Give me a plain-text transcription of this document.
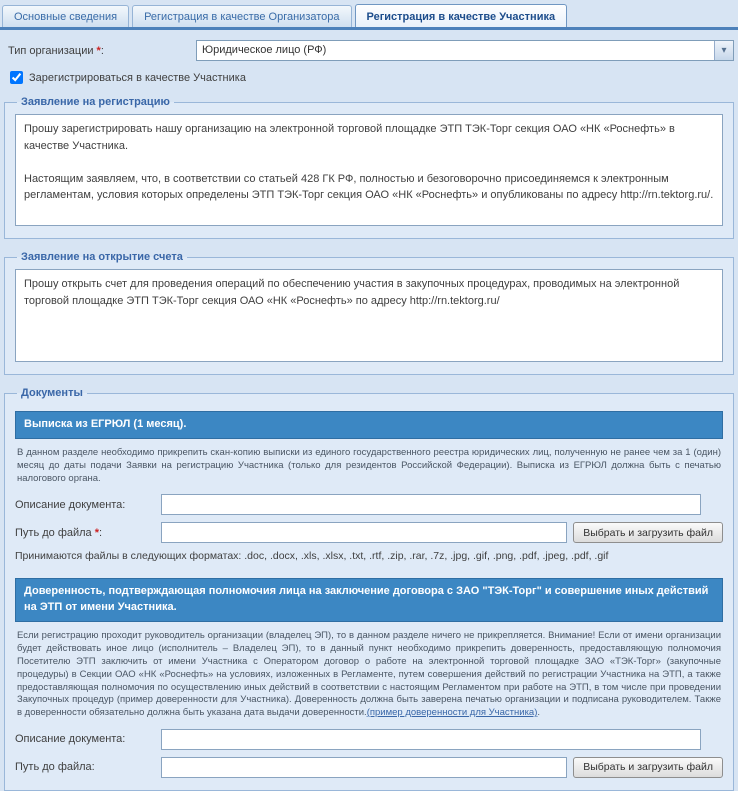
Основные сведения	Регистрация в качестве Организатора	Регистрация в качестве Участника
Тип организации *:	Юридическое лицо (РФ)	▾
Зарегистрироваться в качестве Участника
Заявление на регистрацию
Прошу зарегистрировать нашу организацию на электронной торговой площадке ЭТП ТЭК-Торг секция ОАО «НК «Роснефть» в качестве Участника. Настоящим заявляем, что, в соответствии со статьей 428 ГК РФ, полностью и безоговорочно присоединяемся к электронным регламентам, условия которых определены ЭТП ТЭК-Торг секция ОАО «НК «Роснефть» и опубликованы по адресу http://rn.tektorg.ru/.
Заявление на открытие счета
Прошу открыть счет для проведения операций по обеспечению участия в закупочных процедурах, проводимых на электронной торговой площадке ЭТП ТЭК-Торг секция ОАО «НК «Роснефть» по адресу http://rn.tektorg.ru/
Документы
Выписка из ЕГРЮЛ (1 месяц).
В данном разделе необходимо прикрепить скан-копию выписки из единого государственного реестра юридических лиц, полученную не ранее чем за 1 (один) месяц до даты подачи Заявки на регистрацию Участника (только для резидентов Российской Федерации). Выписка из ЕГРЮЛ должна быть с печатью налогового органа.
Описание документа:
Путь до файла *:	Выбрать и загрузить файл
Принимаются файлы в следующих форматах: .doc, .docx, .xls, .xlsx, .txt, .rtf, .zip, .rar, .7z, .jpg, .gif, .png, .pdf, .jpeg, .pdf, .gif
Доверенность, подтверждающая полномочия лица на заключение договора с ЗАО "ТЭК-Торг" и совершение иных действий на ЭТП от имени Участника.
Если регистрацию проходит руководитель организации (владелец ЭП), то в данном разделе ничего не прикрепляется. Внимание! Если от имени организации будет действовать иное лицо (исполнитель – Владелец ЭП), то в данный пункт необходимо прикрепить доверенность, предоставляющую полномочия Посетителю ЭТП заключить от имени Участника с Оператором договор о работе на электронной торговой площадке ЗАО «ТЭК-Торг» (закупочные процедуры) в Секции ОАО «НК «Роснефть» на условиях, изложенных в Регламенте, путем совершения действий по регистрации Участника на ЭТП, а также предоставляющая полномочия по осуществлению иных действий в соответствии с настоящим Регламентом при работе на ЭТП, в том числе при проведении Закупочных процедур (пример доверенности для Участника). Доверенность должна быть заверена печатью организации и подписана руководителем. Также в доверенности обязательно должна быть указана дата выдачи доверенности.(пример доверенности для Участника).
Описание документа:
Путь до файла:	Выбрать и загрузить файл
